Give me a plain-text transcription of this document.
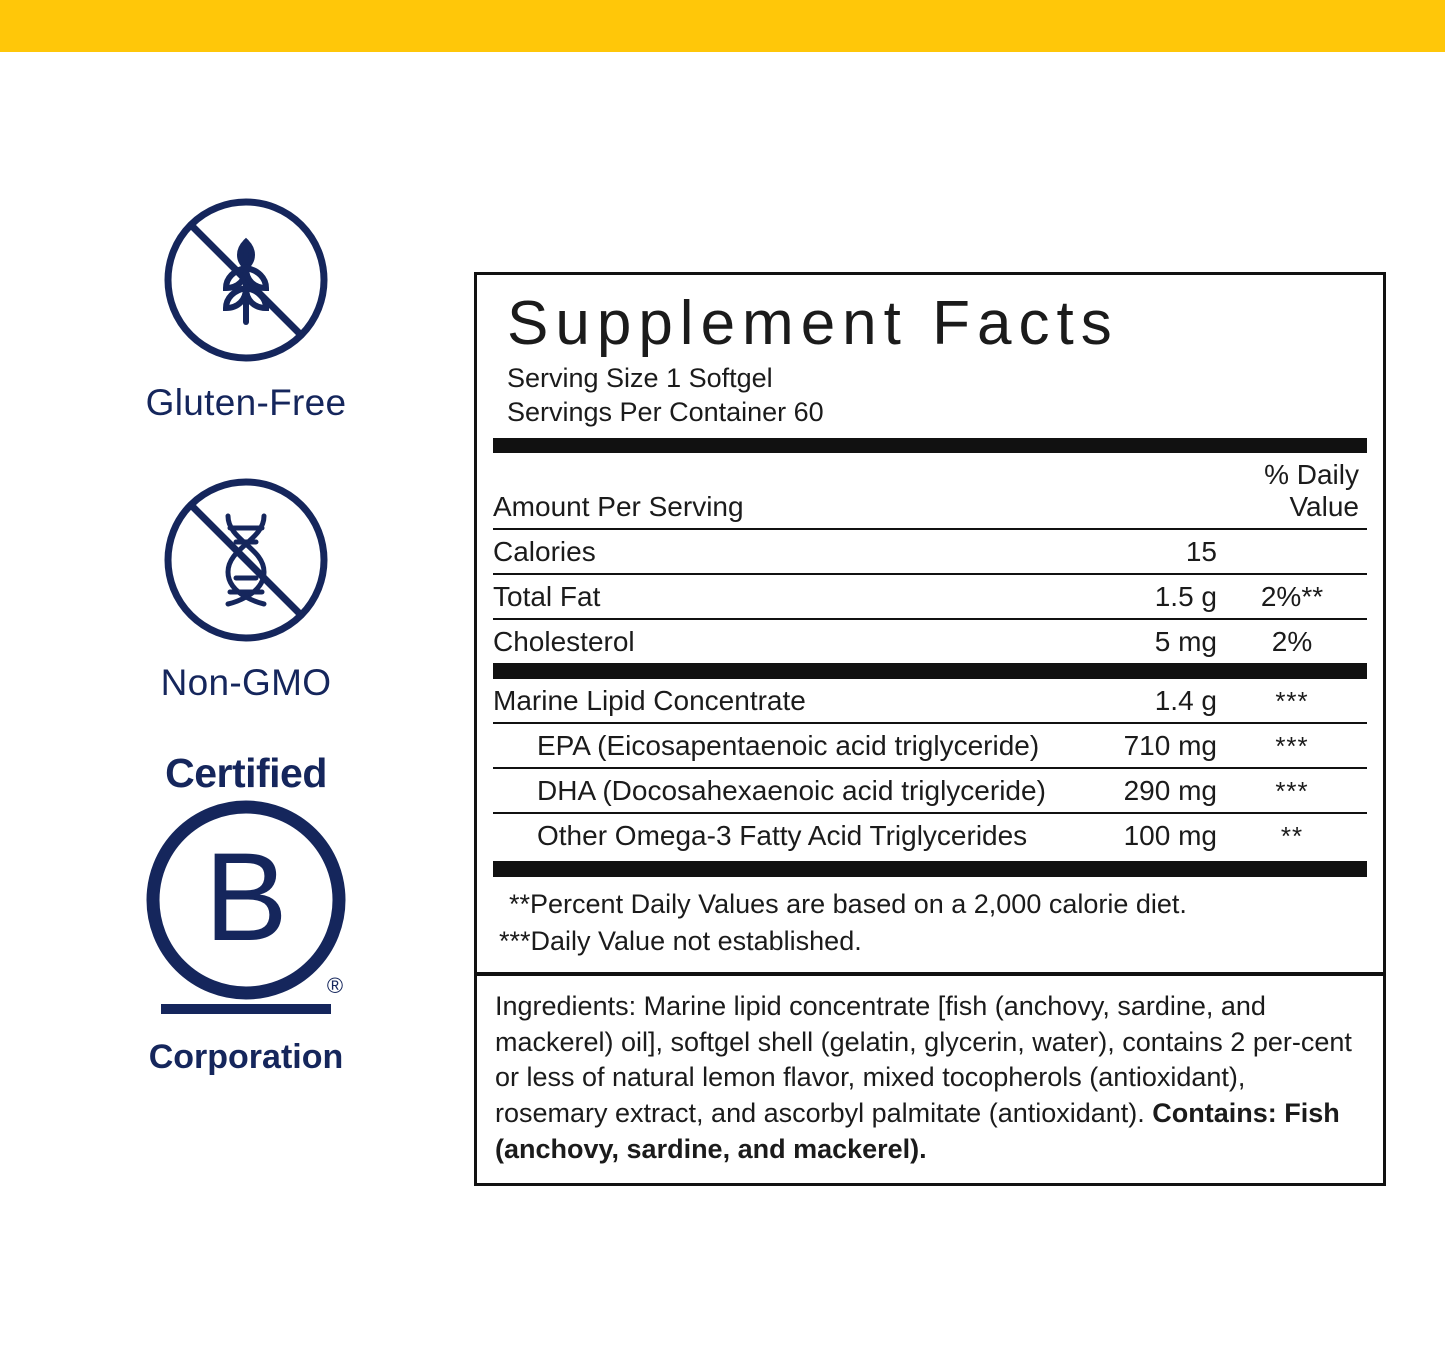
Gluten-Free
Non-GMO
Certified
B
®
Corporation
Supplement Facts
Serving Size 1 Softgel
Servings Per Container 60
Amount Per Serving		% Daily Value
Calories	15	
Total Fat	1.5 g	2%**
Cholesterol	5 mg	2%
Marine Lipid Concentrate	1.4 g	***
EPA (Eicosapentaenoic acid triglyceride)	710 mg	***
DHA (Docosahexaenoic acid triglyceride)	290 mg	***
Other Omega-3 Fatty Acid Triglycerides	100 mg	**
**Percent Daily Values are based on a 2,000 calorie diet.
***Daily Value not established.
Ingredients: Marine lipid concentrate [fish (anchovy, sardine, and mackerel) oil], softgel shell (gelatin, glycerin, water), contains 2 per-cent or less of natural lemon flavor, mixed tocopherols (antioxidant), rosemary extract, and ascorbyl palmitate (antioxidant). Contains: Fish (anchovy, sardine, and mackerel).
